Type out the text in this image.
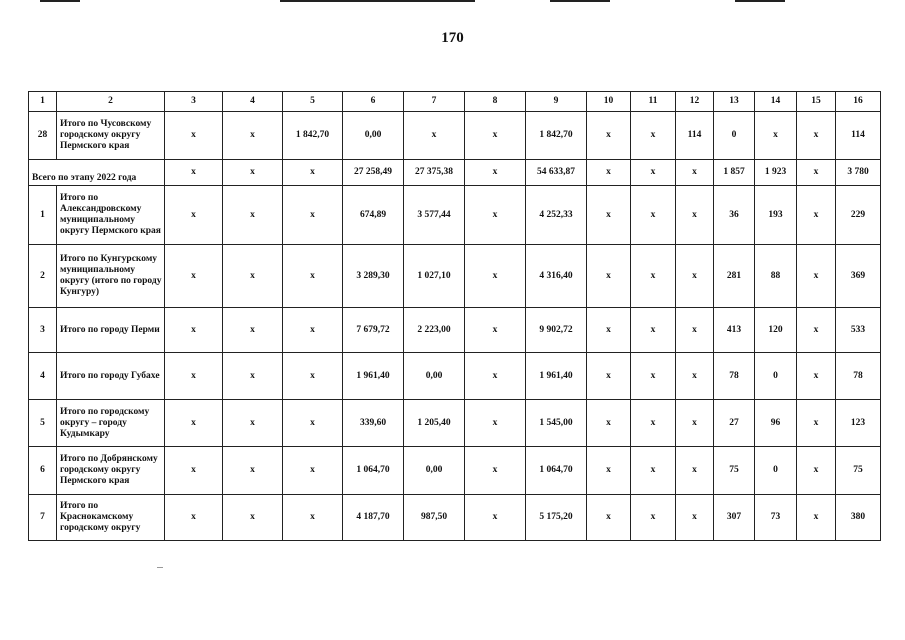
170
1	2	3	4	5	6	7	8	9	10	11	12	13	14	15	16
28	Итого по Чусовскому городскому округу Пермского края	х	х	1 842,70	0,00	х	х	1 842,70	х	х	114	0	х	х	114
Всего по этапу 2022 года		х	х	х	27 258,49	27 375,38	х	54 633,87	х	х	х	1 857	1 923	х	3 780
1	Итого по Александровскому муниципальному округу Пермского края	х	х	х	674,89	3 577,44	х	4 252,33	х	х	х	36	193	х	229
2	Итого по Кунгурскому муниципальному округу (итого по городу Кунгуру)	х	х	х	3 289,30	1 027,10	х	4 316,40	х	х	х	281	88	х	369
3	Итого по городу Перми	х	х	х	7 679,72	2 223,00	х	9 902,72	х	х	х	413	120	х	533
4	Итого по городу Губахе	х	х	х	1 961,40	0,00	х	1 961,40	х	х	х	78	0	х	78
5	Итого по городскому округу – городу Кудымкару	х	х	х	339,60	1 205,40	х	1 545,00	х	х	х	27	96	х	123
6	Итого по Добрянскому городскому округу Пермского края	х	х	х	1 064,70	0,00	х	1 064,70	х	х	х	75	0	х	75
7	Итого по Краснокамскому городскому округу	х	х	х	4 187,70	987,50	х	5 175,20	х	х	х	307	73	х	380
